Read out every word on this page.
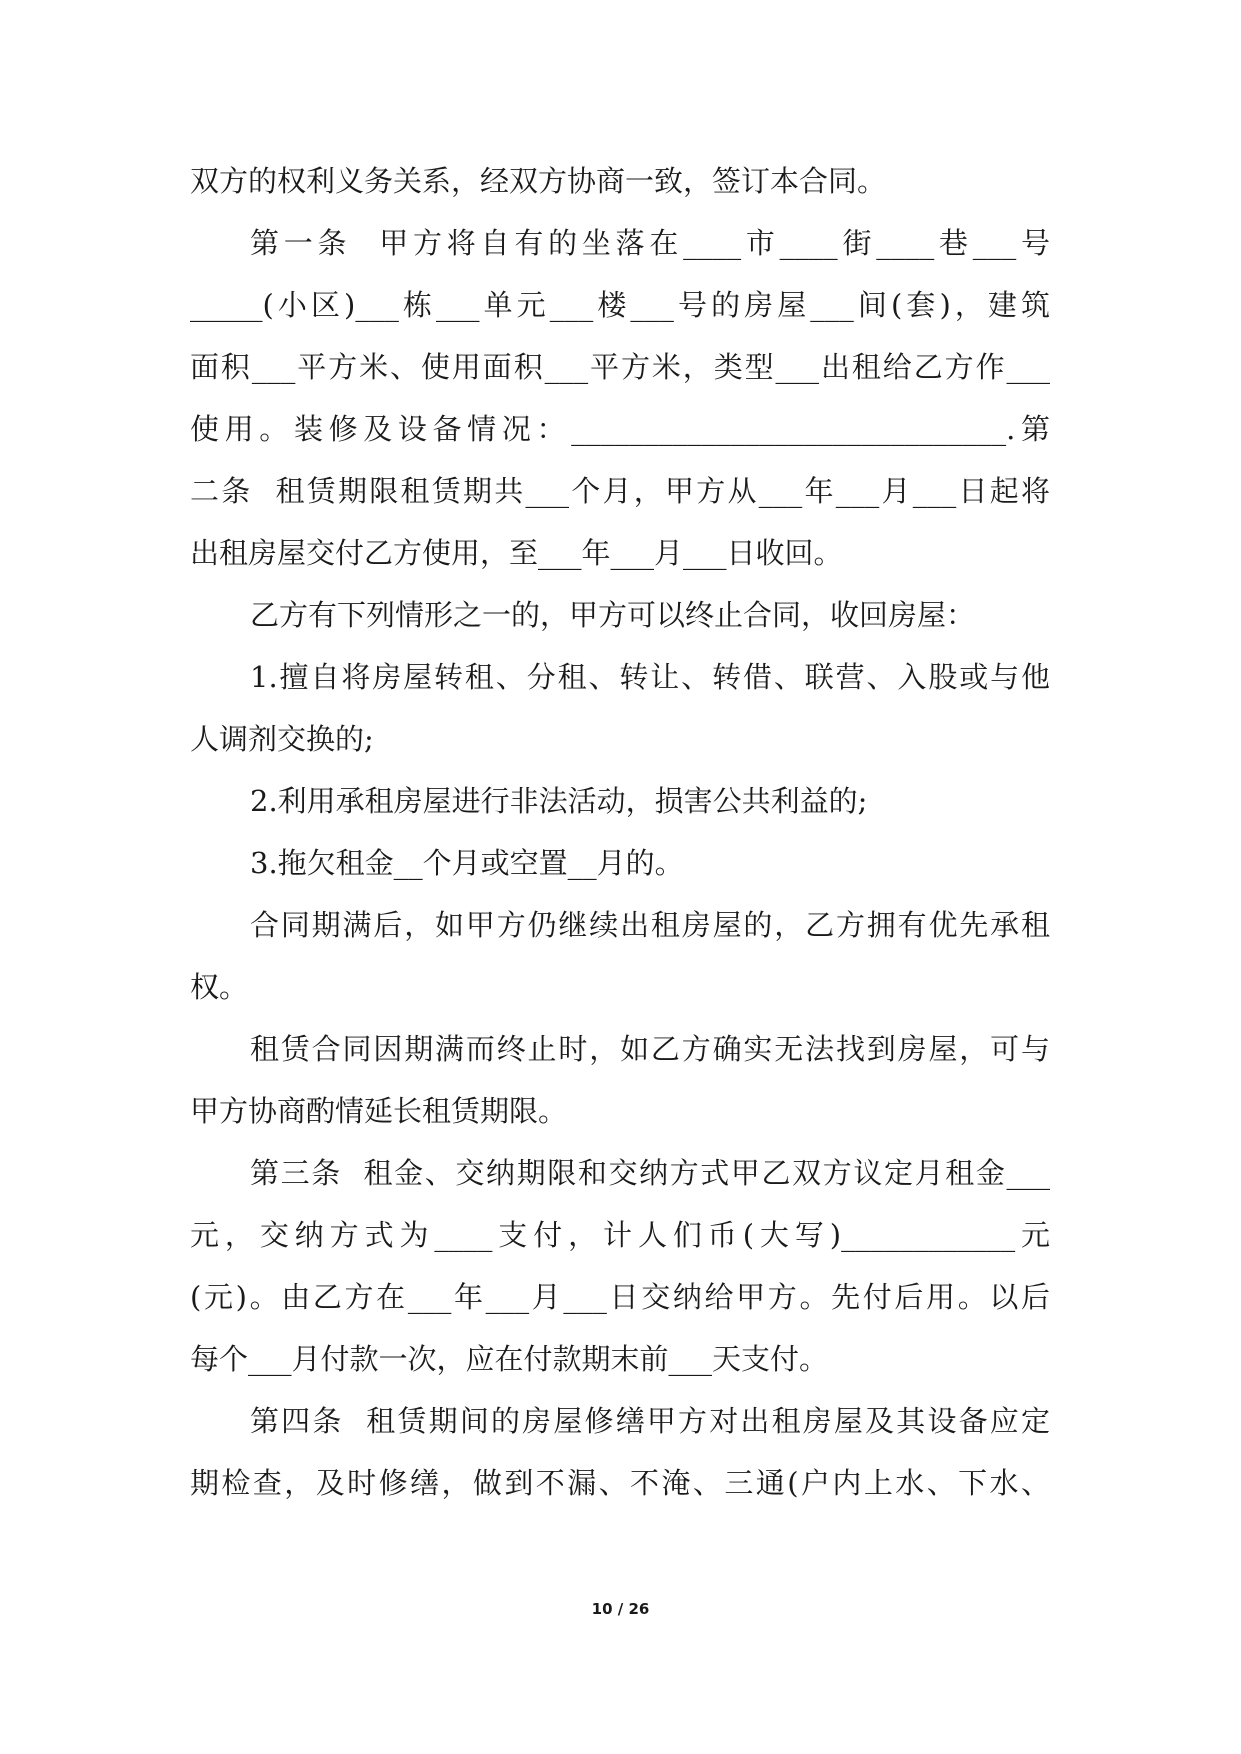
双方的权利义务关系，经双方协商一致，签订本合同。
第一条  甲方将自有的坐落在____市____街____巷___号
_____(小区)___栋___单元___楼___号的房屋___间(套)，建筑
面积___平方米、使用面积___平方米，类型___出租给乙方作___
使用。装修及设备情况：______________________________.第
二条  租赁期限租赁期共___个月，甲方从___年___月___日起将
出租房屋交付乙方使用，至___年___月___日收回。
乙方有下列情形之一的，甲方可以终止合同，收回房屋：
1.擅自将房屋转租、分租、转让、转借、联营、入股或与他
人调剂交换的;
2.利用承租房屋进行非法活动，损害公共利益的;
3.拖欠租金__个月或空置__月的。
合同期满后，如甲方仍继续出租房屋的，乙方拥有优先承租
权。
租赁合同因期满而终止时，如乙方确实无法找到房屋，可与
甲方协商酌情延长租赁期限。
第三条  租金、交纳期限和交纳方式甲乙双方议定月租金___
元，交纳方式为____支付，计人们币(大写)____________元
(元)。由乙方在___年___月___日交纳给甲方。先付后用。以后
每个___月付款一次，应在付款期末前___天支付。
第四条  租赁期间的房屋修缮甲方对出租房屋及其设备应定
期检查，及时修缮，做到不漏、不淹、三通(户内上水、下水、
10 / 26
